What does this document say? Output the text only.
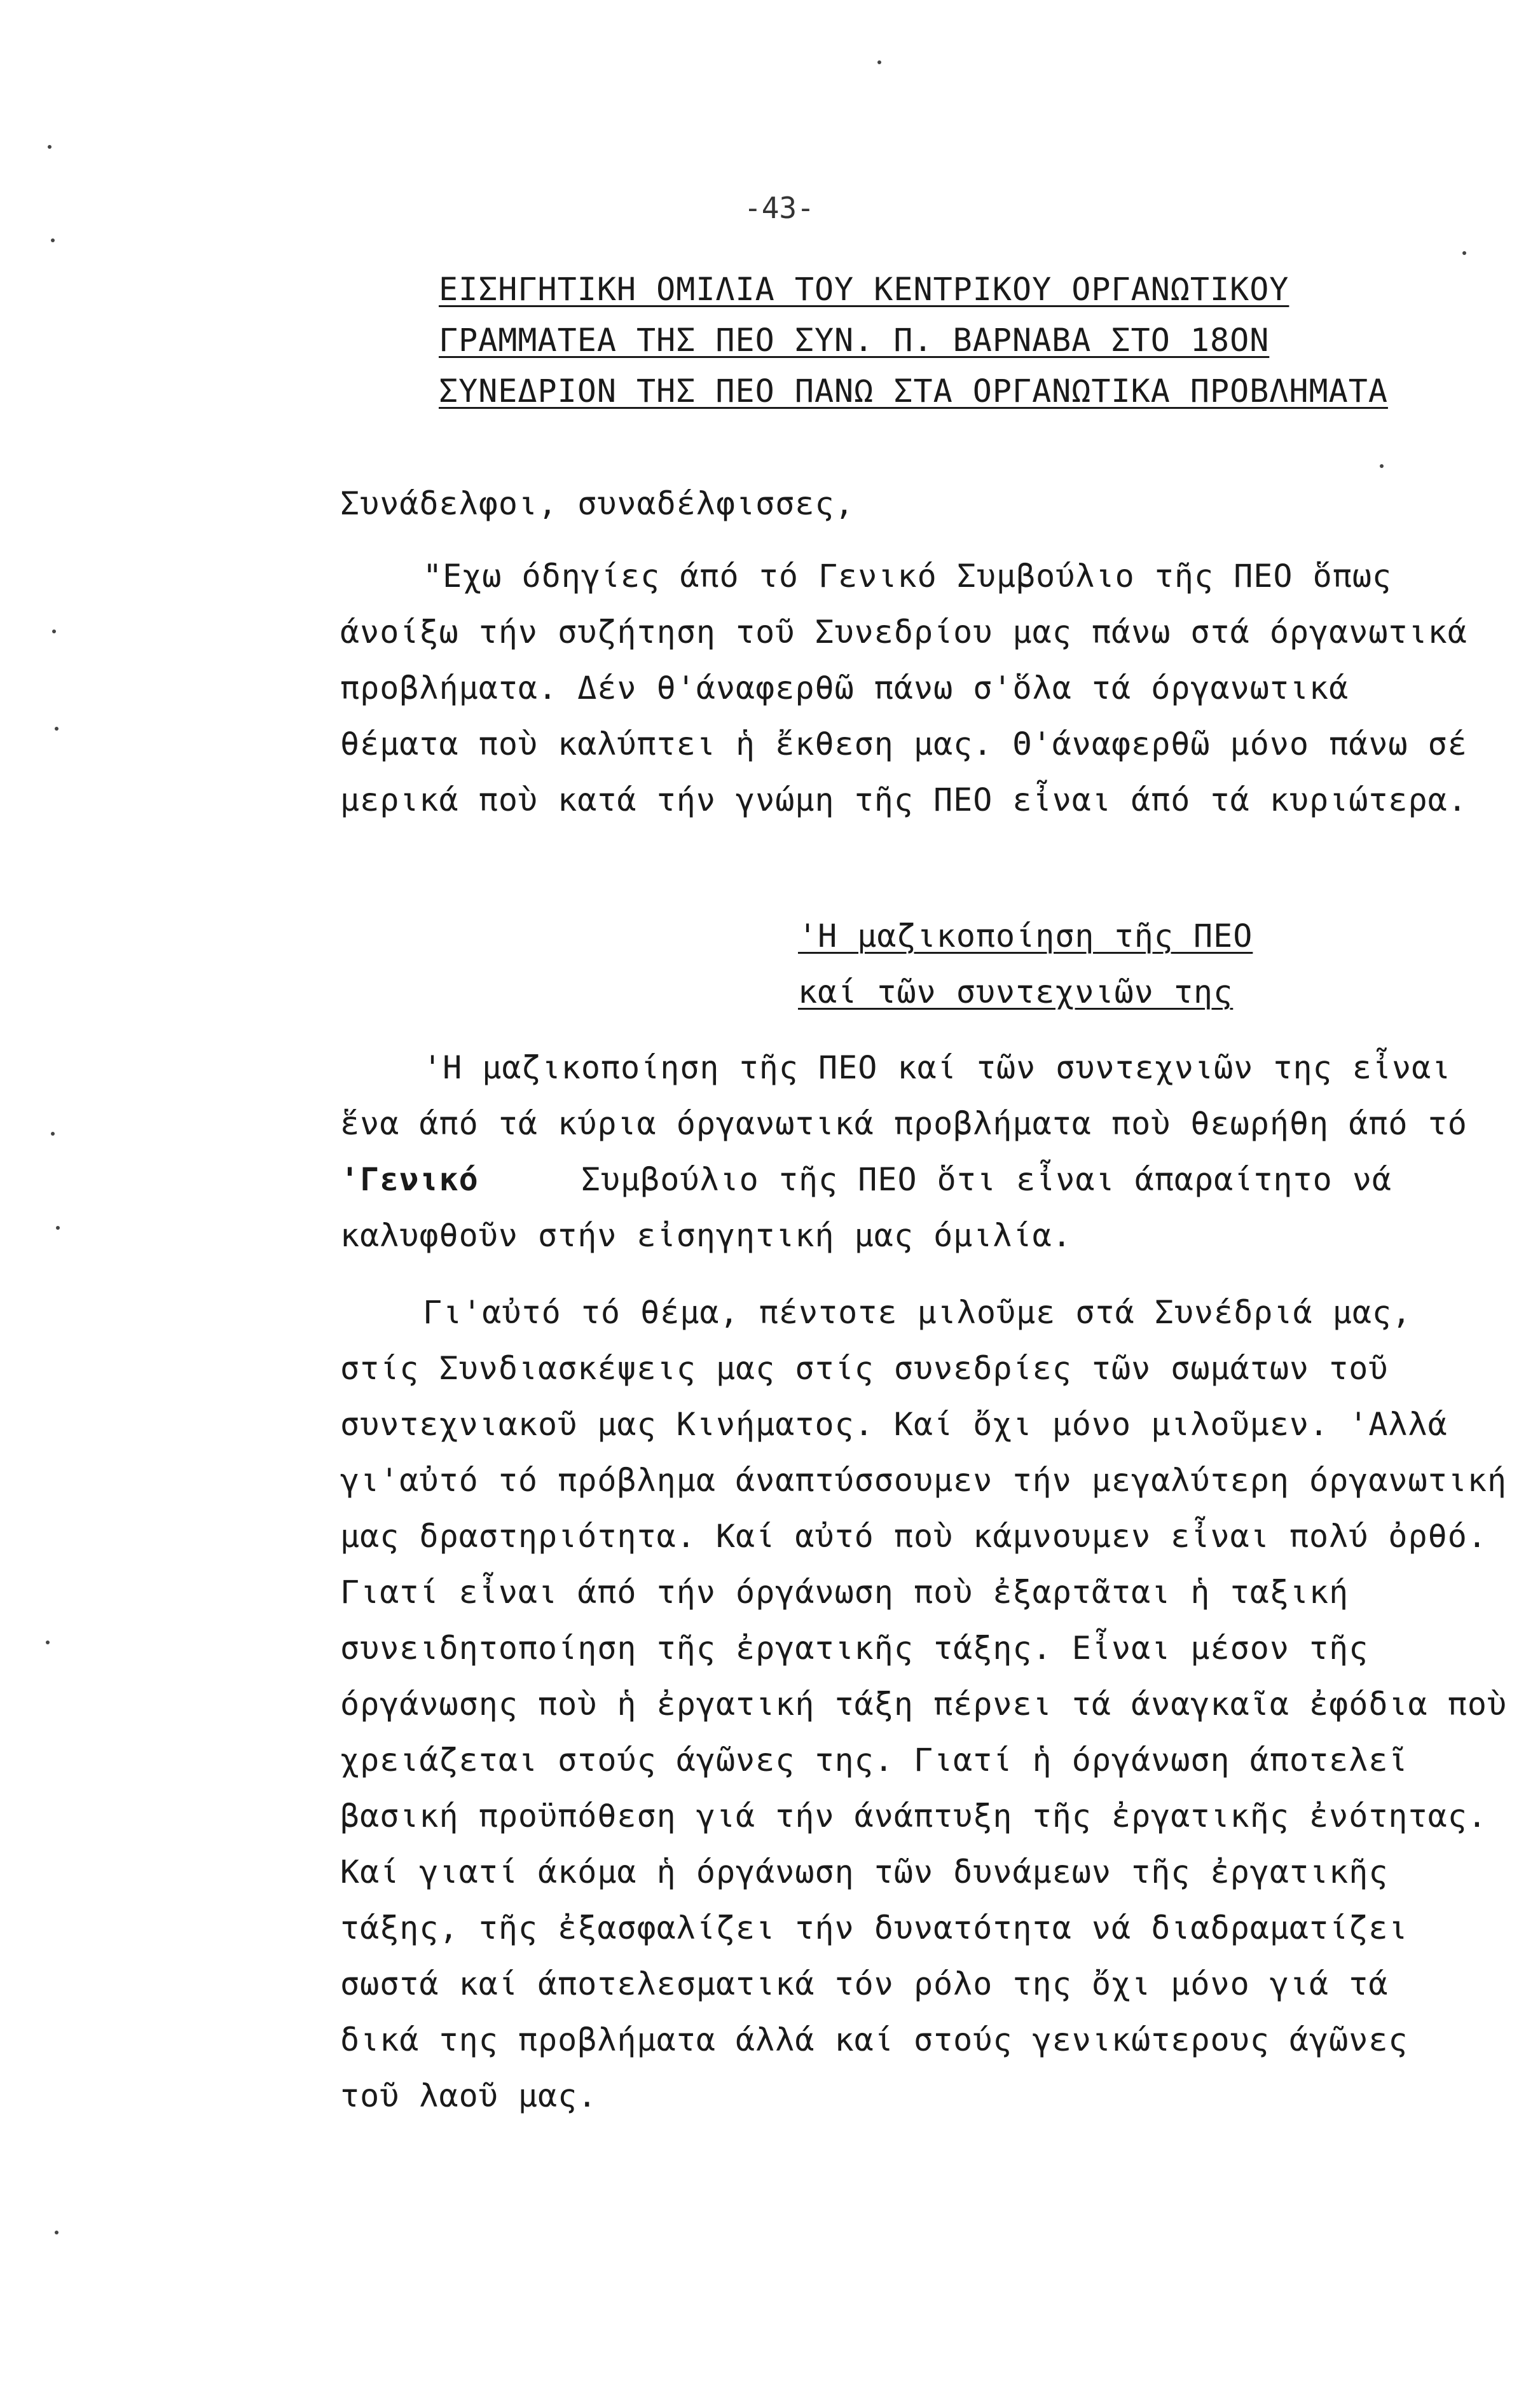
-43-
ΕΙΣΗΓΗΤΙΚΗ ΟΜΙΛΙΑ ΤΟΥ ΚΕΝΤΡΙΚΟΥ ΟΡΓΑΝΩΤΙΚΟΥ
ΓΡΑΜΜΑΤΕΑ ΤΗΣ ΠΕΟ ΣΥΝ. Π. ΒΑΡΝΑΒΑ ΣΤΟ 18ΟΝ
ΣΥΝΕΔΡΙΟΝ ΤΗΣ ΠΕΟ ΠΑΝΩ ΣΤΑ ΟΡΓΑΝΩΤΙΚΑ ΠΡΟΒΛΗΜΑΤΑ
Συνάδελφοι, συναδέλφισσες,
"Εχω όδηγίες άπό τό Γενικό Συμβούλιο τῆς ΠΕΟ ὅπως
άνοίξω τήν συζήτηση τοῦ Συνεδρίου μας πάνω στά όργανωτικά
προβλήματα. Δέν θ'άναφερθῶ πάνω σ'ὅλα τά όργανωτικά
θέματα ποὺ καλύπτει ἡ ἔκθεση μας. Θ'άναφερθῶ μόνο πάνω σέ
μερικά ποὺ κατά τήν γνώμη τῆς ΠΕΟ εἶναι άπό τά κυριώτερα.
'Η μαζικοποίηση τῆς ΠΕΟ
καί τῶν συντεχνιῶν της
'Η μαζικοποίηση τῆς ΠΕΟ καί τῶν συντεχνιῶν της εἶναι
ἕνα άπό τά κύρια όργανωτικά προβλήματα ποὺ θεωρήθη άπό τό
'Γενικό	Συμβούλιο τῆς ΠΕΟ ὅτι εἶναι άπαραίτητο νά
καλυφθοῦν στήν εἰσηγητική μας όμιλία.
Γι'αὐτό τό θέμα, πέντοτε μιλοῦμε στά Συνέδριά μας,
στίς Συνδιασκέψεις μας στίς συνεδρίες τῶν σωμάτων τοῦ
συντεχνιακοῦ μας Κινήματος. Καί ὄχι μόνο μιλοῦμεν. 'Αλλά
γι'αὐτό τό πρόβλημα άναπτύσσουμεν τήν μεγαλύτερη όργανωτική
μας δραστηριότητα. Καί αὐτό ποὺ κάμνουμεν εἶναι πολύ ὀρθό.
Γιατί εἶναι άπό τήν όργάνωση ποὺ ἐξαρτᾶται ἡ ταξική
συνειδητοποίηση τῆς ἐργατικῆς τάξης. Εἶναι μέσον τῆς
όργάνωσης ποὺ ἡ ἐργατική τάξη πέρνει τά άναγκαῖα ἐφόδια ποὺ
χρειάζεται στούς άγῶνες της. Γιατί ἡ όργάνωση άποτελεῖ
βασική προϋπόθεση γιά τήν άνάπτυξη τῆς ἐργατικῆς ἐνότητας.
Καί γιατί άκόμα ἡ όργάνωση τῶν δυνάμεων τῆς ἐργατικῆς
τάξης, τῆς ἐξασφαλίζει τήν δυνατότητα νά διαδραματίζει
σωστά καί άποτελεσματικά τόν ρόλο της ὄχι μόνο γιά τά
δικά της προβλήματα άλλά καί στούς γενικώτερους άγῶνες
τοῦ λαοῦ μας.
